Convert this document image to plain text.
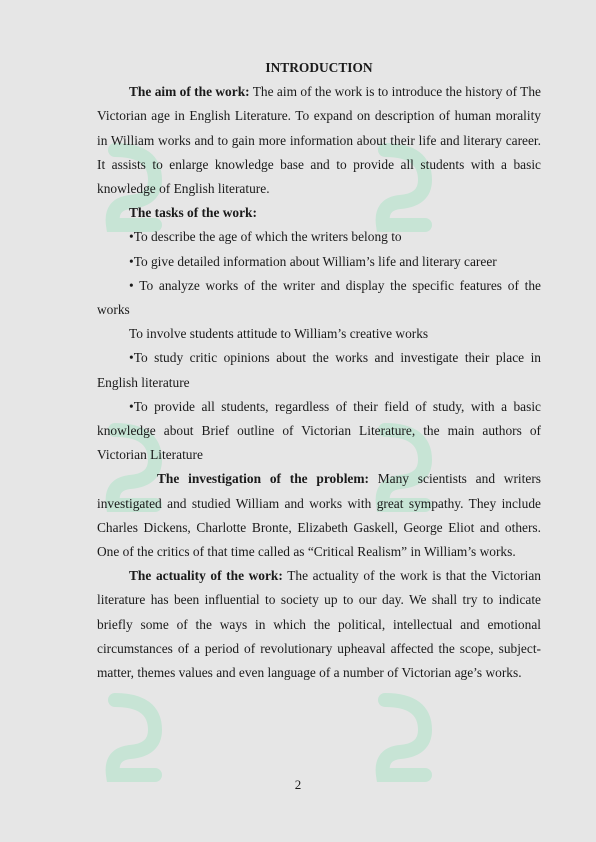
INTRODUCTION

The aim of the work: The aim of the work is to introduce the history of The Victorian age in English Literature. To expand on description of human morality in William works and to gain more information about their life and literary career. It assists to enlarge knowledge base and to provide all students with a basic knowledge of English literature.

The tasks of the work:

•To describe the age of which the writers belong to

•To give detailed information about William’s life and literary career

• To analyze works of the writer and display the specific features of the works

To involve students attitude to William’s creative works

•To study critic opinions about the works and investigate their place in English literature

•To provide all students, regardless of their field of study, with a basic knowledge about Brief outline of Victorian Literature, the main authors of Victorian Literature

The investigation of the problem: Many scientists and writers investigated and studied William and works with great sympathy. They include Charles Dickens, Charlotte Bronte, Elizabeth Gaskell, George Eliot and others. One of the critics of that time called as “Critical Realism” in William’s works.

The actuality of the work: The actuality of the work is that the Victorian literature has been influential to society up to our day. We shall try to indicate briefly some of the ways in which the political, intellectual and emotional circumstances of a period of revolutionary upheaval affected the scope, subject-matter, themes values and even language of a number of Victorian age’s works.

2
